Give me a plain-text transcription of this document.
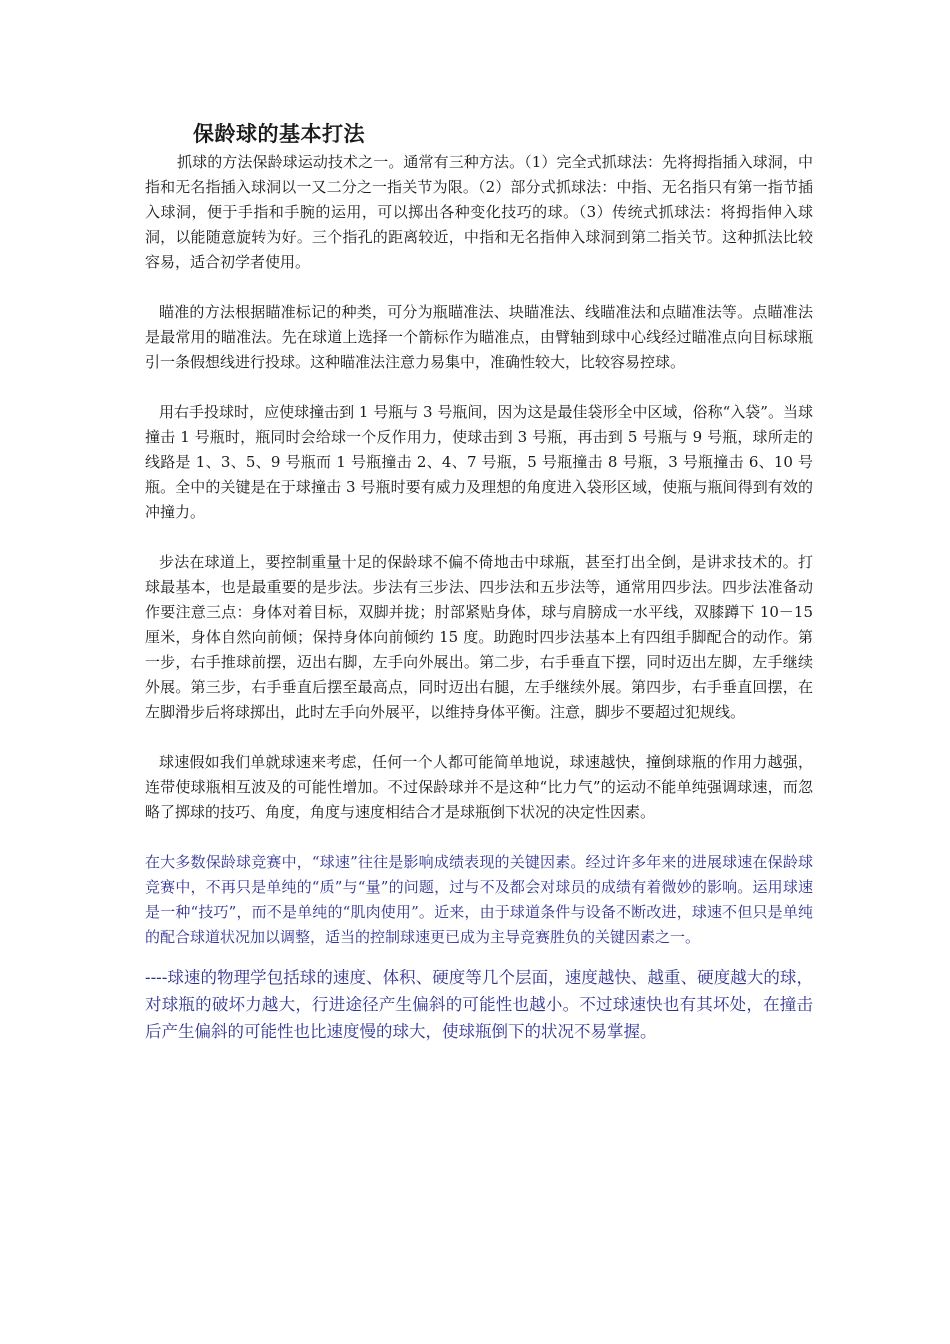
保龄球的基本打法

抓球的方法保龄球运动技术之一。通常有三种方法。（1）完全式抓球法：先将拇指插入球洞，中指和无名指插入球洞以一又二分之一指关节为限。（2）部分式抓球法：中指、无名指只有第一指节插入球洞，便于手指和手腕的运用，可以掷出各种变化技巧的球。（3）传统式抓球法：将拇指伸入球洞，以能随意旋转为好。三个指孔的距离较近，中指和无名指伸入球洞到第二指关节。这种抓法比较容易，适合初学者使用。

瞄准的方法根据瞄准标记的种类，可分为瓶瞄准法、块瞄准法、线瞄准法和点瞄准法等。点瞄准法是最常用的瞄准法。先在球道上选择一个箭标作为瞄准点，由臂轴到球中心线经过瞄准点向目标球瓶引一条假想线进行投球。这种瞄准法注意力易集中，准确性较大，比较容易控球。

用右手投球时，应使球撞击到 1 号瓶与 3 号瓶间，因为这是最佳袋形全中区域，俗称“入袋”。当球撞击 1 号瓶时，瓶同时会给球一个反作用力，使球击到 3 号瓶，再击到 5 号瓶与 9 号瓶，球所走的线路是 1、3、5、9 号瓶而 1 号瓶撞击 2、4、7 号瓶，5 号瓶撞击 8 号瓶，3 号瓶撞击 6、10 号瓶。全中的关键是在于球撞击 3 号瓶时要有威力及理想的角度进入袋形区域，使瓶与瓶间得到有效的冲撞力。

步法在球道上，要控制重量十足的保龄球不偏不倚地击中球瓶，甚至打出全倒，是讲求技术的。打球最基本，也是最重要的是步法。步法有三步法、四步法和五步法等，通常用四步法。四步法准备动作要注意三点：身体对着目标，双脚并拢；肘部紧贴身体，球与肩膀成一水平线，双膝蹲下 10－15 厘米，身体自然向前倾；保持身体向前倾约 15 度。助跑时四步法基本上有四组手脚配合的动作。第一步，右手推球前摆，迈出右脚，左手向外展出。第二步，右手垂直下摆，同时迈出左脚，左手继续外展。第三步，右手垂直后摆至最高点，同时迈出右腿，左手继续外展。第四步，右手垂直回摆，在左脚滑步后将球掷出，此时左手向外展平，以维持身体平衡。注意，脚步不要超过犯规线。

球速假如我们单就球速来考虑，任何一个人都可能简单地说，球速越快，撞倒球瓶的作用力越强，连带使球瓶相互波及的可能性增加。不过保龄球并不是这种“比力气”的运动不能单纯强调球速，而忽略了掷球的技巧、角度，角度与速度相结合才是球瓶倒下状况的决定性因素。

在大多数保龄球竞赛中，“球速”往往是影响成绩表现的关键因素。经过许多年来的进展球速在保龄球竞赛中，不再只是单纯的“质”与“量”的问题，过与不及都会对球员的成绩有着微妙的影响。运用球速是一种“技巧”，而不是单纯的“肌肉使用”。近来，由于球道条件与设备不断改进，球速不但只是单纯的配合球道状况加以调整，适当的控制球速更已成为主导竞赛胜负的关键因素之一。

----球速的物理学包括球的速度、体积、硬度等几个层面，速度越快、越重、硬度越大的球，对球瓶的破坏力越大，行进途径产生偏斜的可能性也越小。不过球速快也有其坏处，在撞击后产生偏斜的可能性也比速度慢的球大，使球瓶倒下的状况不易掌握。
